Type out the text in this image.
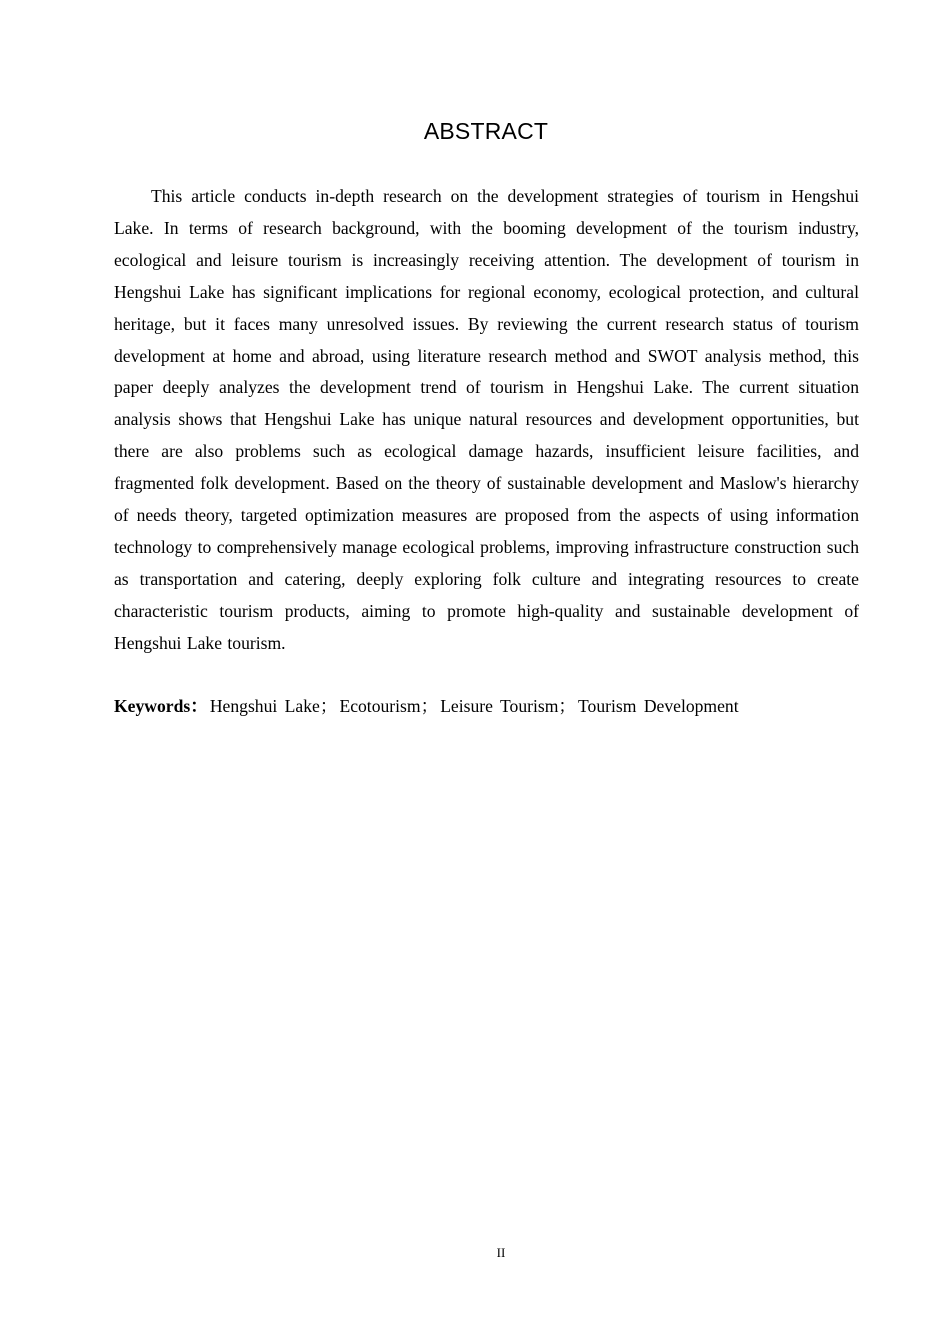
ABSTRACT

This article conducts in-depth research on the development strategies of tourism in Hengshui Lake. In terms of research background, with the booming development of the tourism industry, ecological and leisure tourism is increasingly receiving attention. The development of tourism in Hengshui Lake has significant implications for regional economy, ecological protection, and cultural heritage, but it faces many unresolved issues. By reviewing the current research status of tourism development at home and abroad, using literature research method and SWOT analysis method, this paper deeply analyzes the development trend of tourism in Hengshui Lake. The current situation analysis shows that Hengshui Lake has unique natural resources and development opportunities, but there are also problems such as ecological damage hazards, insufficient leisure facilities, and fragmented folk development. Based on the theory of sustainable development and Maslow's hierarchy of needs theory, targeted optimization measures are proposed from the aspects of using information technology to comprehensively manage ecological problems, improving infrastructure construction such as transportation and catering, deeply exploring folk culture and integrating resources to create characteristic tourism products, aiming to promote high-quality and sustainable development of Hengshui Lake tourism.

Keywords： Hengshui Lake； Ecotourism； Leisure Tourism； Tourism Development

II
